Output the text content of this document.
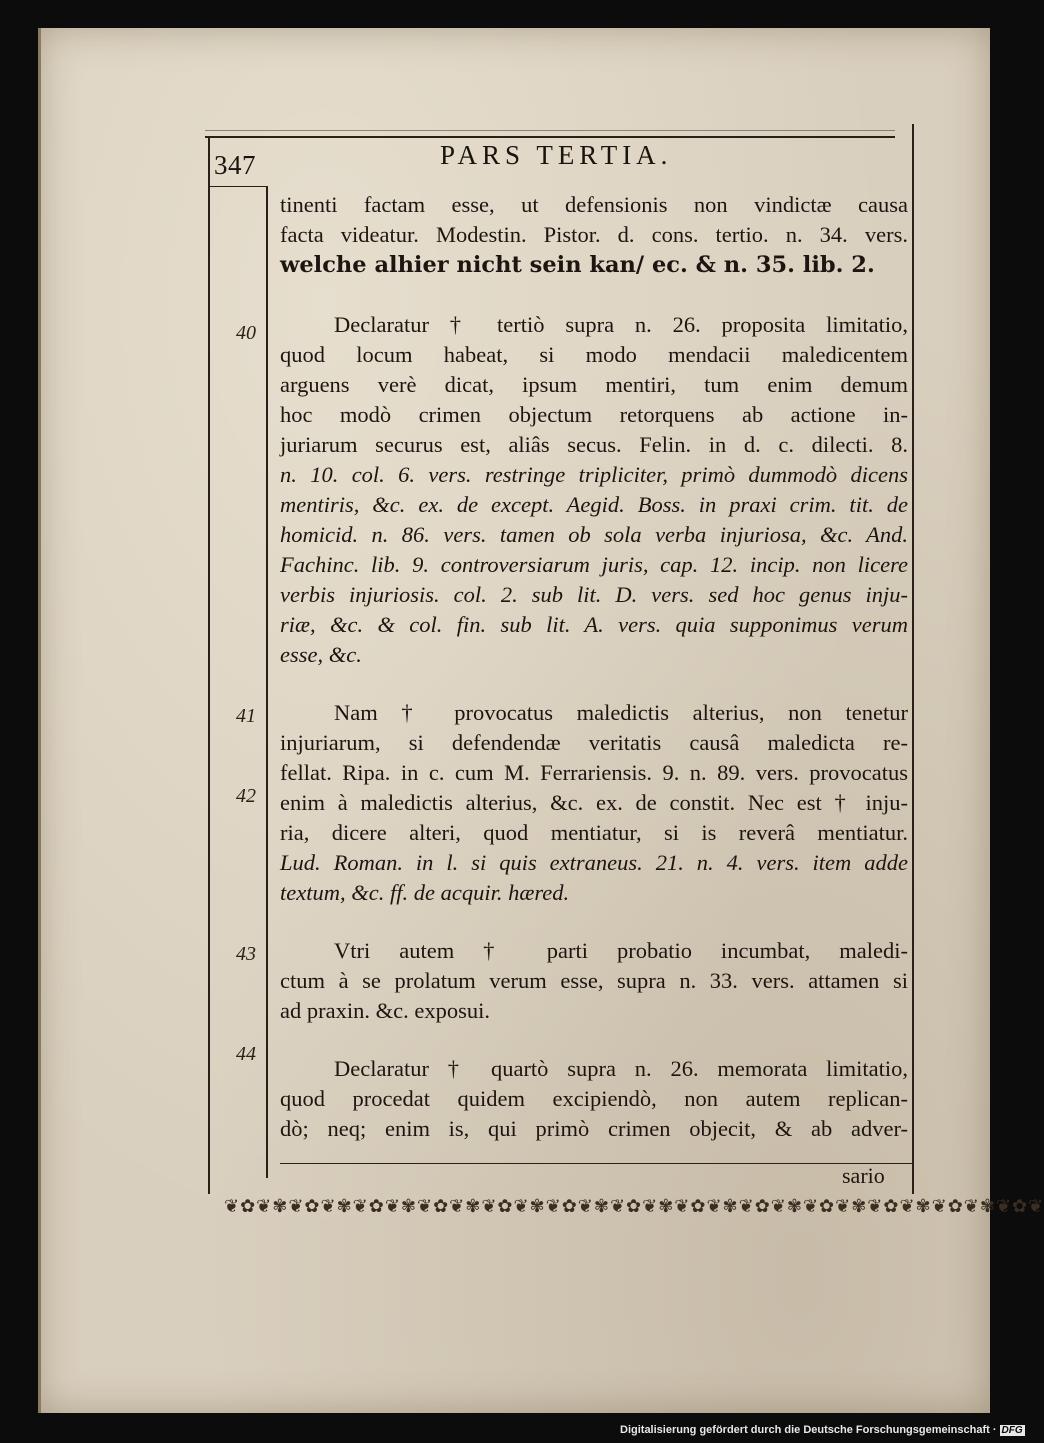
347	PARS TERTIA.
40
41
42
43
44
tinenti factam esse, ut defensionis non vindictæ causa
facta videatur. Modestin. Pistor. d. cons. tertio. n. 34. vers.
welche alhier nicht sein kan/ ec. & n. 35. lib. 2.
Declaratur † tertiò supra n. 26. proposita limitatio,
quod locum habeat, si modo mendacii maledicentem
arguens verè dicat, ipsum mentiri, tum enim demum
hoc modò crimen objectum retorquens ab actione in-
juriarum securus est, aliâs secus. Felin. in d. c. dilecti. 8.
n. 10. col. 6. vers. restringe tripliciter, primò dummodò dicens
mentiris, &c. ex. de except. Aegid. Boss. in praxi crim. tit. de
homicid. n. 86. vers. tamen ob sola verba injuriosa, &c. And.
Fachinc. lib. 9. controversiarum juris, cap. 12. incip. non licere
verbis injuriosis. col. 2. sub lit. D. vers. sed hoc genus inju-
riæ, &c. & col. fin. sub lit. A. vers. quia supponimus verum
esse, &c.
Nam † provocatus maledictis alterius, non tenetur
injuriarum, si defendendæ veritatis causâ maledicta re-
fellat. Ripa. in c. cum M. Ferrariensis. 9. n. 89. vers. provocatus
enim à maledictis alterius, &c. ex. de constit. Nec est † inju-
ria, dicere alteri, quod mentiatur, si is reverâ mentiatur.
Lud. Roman. in l. si quis extraneus. 21. n. 4. vers. item adde
textum, &c. ff. de acquir. hæred.
Vtri autem † parti probatio incumbat, maledi-
ctum à se prolatum verum esse, supra n. 33. vers. attamen si
ad praxin. &c. exposui.
Declaratur † quartò supra n. 26. memorata limitatio,
quod procedat quidem excipiendò, non autem replican-
dò; neq; enim is, qui primò crimen objecit, & ab adver-
sario
❦✿❦✾❦✿❦✾❦✿❦✾❦✿❦✾❦✿❦✾❦✿❦✾❦✿❦✾❦✿❦✾❦✿❦✾❦✿❦✾❦✿❦✾❦✿❦✾❦✿❦
Digitalisierung gefördert durch die Deutsche Forschungsgemeinschaft · DFG
